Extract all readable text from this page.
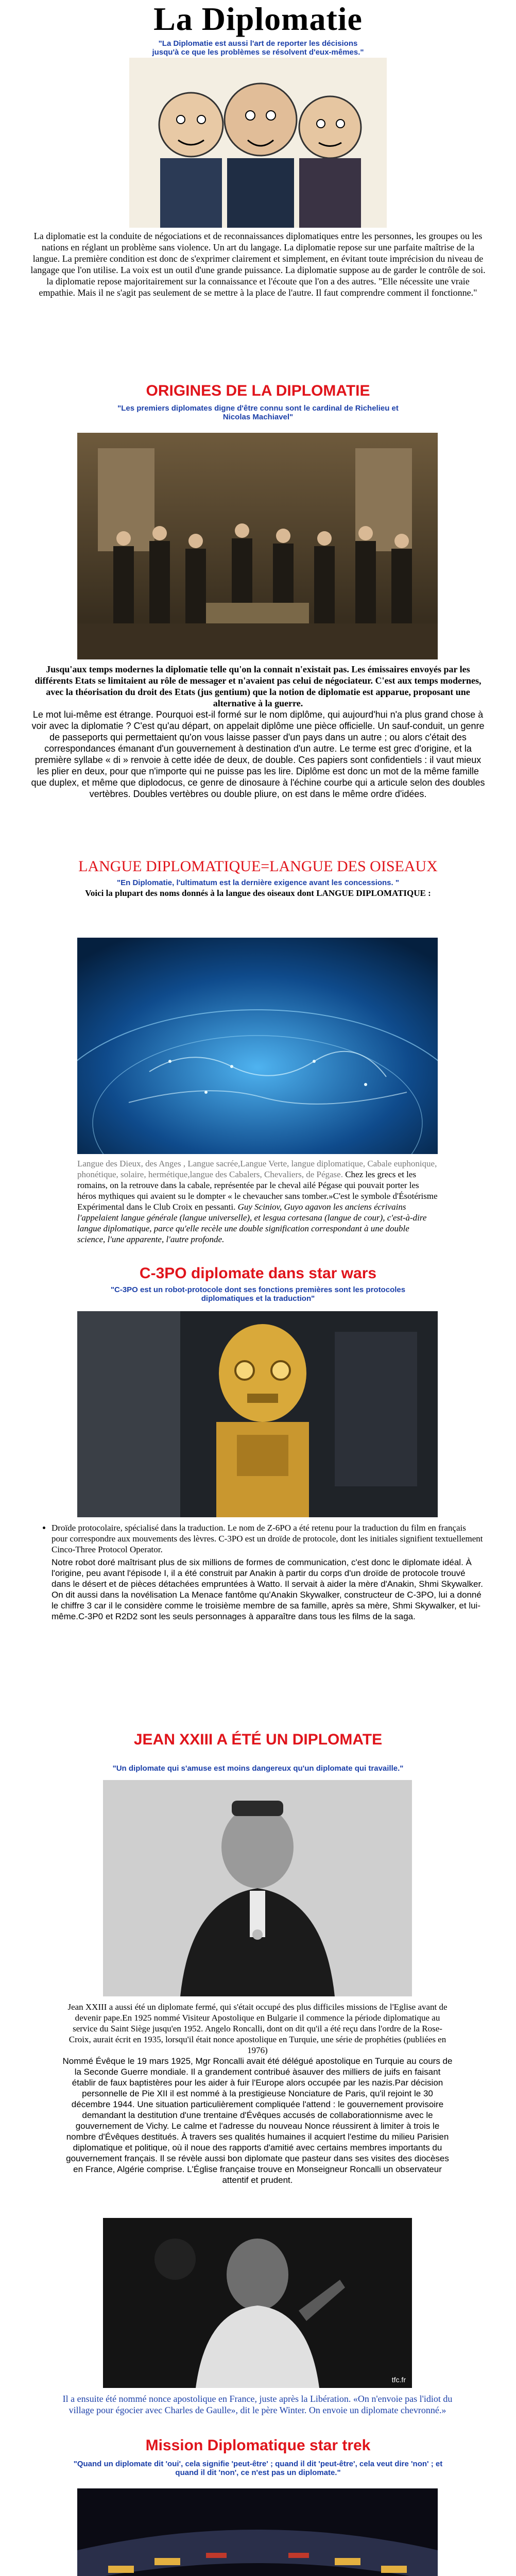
La Diplomatie
"La Diplomatie est aussi l'art de reporter les décisions jusqu'à ce que les problèmes se résolvent d'eux-mêmes."

La diplomatie est la conduite de négociations et de reconnaissances diplomatiques entre les personnes, les groupes ou les nations en réglant un problème sans violence. Un art du langage. La diplomatie repose sur une parfaite maîtrise de la langue. La première condition est donc de s'exprimer clairement et simplement, en évitant toute imprécision du niveau de langage que l'on utilise. La voix est un outil d'une grande puissance. La diplomatie suppose au de garder le contrôle de soi. la diplomatie repose majoritairement sur la connaissance et l'écoute que l'on a des autres. "Elle nécessite une vraie empathie. Mais il ne s'agit pas seulement de se mettre à la place de l'autre. Il faut comprendre comment il fonctionne."

ORIGINES DE LA DIPLOMATIE
"Les premiers diplomates digne d'être connu sont le cardinal de Richelieu et Nicolas Machiavel"

Jusqu'aux temps modernes la diplomatie telle qu'on la connait n'existait pas. Les émissaires envoyés par les différents Etats se limitaient au rôle de messager et n'avaient pas celui de négociateur. C'est aux temps modernes, avec la théorisation du droit des Etats (jus gentium) que la notion de diplomatie est apparue, proposant une alternative à la guerre.

Le mot lui-même est étrange. Pourquoi est-il formé sur le nom diplôme, qui aujourd'hui n'a plus grand chose à voir avec la diplomatie ? C'est qu'au départ, on appelait diplôme une pièce officielle. Un sauf-conduit, un genre de passeports qui permettaient qu'on vous laisse passer d'un pays dans un autre ; ou alors c'était des correspondances émanant d'un gouvernement à destination d'un autre. Le terme est grec d'origine, et la première syllabe « di » renvoie à cette idée de deux, de double. Ces papiers sont confidentiels : il vaut mieux les plier en deux, pour que n'importe qui ne puisse pas les lire. Diplôme est donc un mot de la même famille que duplex, et même que diplodocus, ce genre de dinosaure à l'échine courbe qui a articule selon des doubles vertèbres. Doubles vertèbres ou double pliure, on est dans le même ordre d'idées.

LANGUE DIPLOMATIQUE=LANGUE DES OISEAUX
"En Diplomatie, l'ultimatum est la dernière exigence avant les concessions. "
Voici la plupart des noms donnés à la langue des oiseaux dont LANGUE DIPLOMATIQUE :

Langue des Dieux, des Anges , Langue sacrée,Langue Verte, langue diplomatique, Cabale euphonique, phonétique, solaire, hermétique,langue des Cabalers, Chevaliers, de Pégase. Chez les grecs et les romains, on la retrouve dans la cabale, représentée par le cheval ailé Pégase qui pouvait porter les héros mythiques qui avaient su le dompter « le chevaucher sans tomber.»C'est le symbole d'Ésotérisme Expérimental dans le Club Croix en pessanti. Guy Sciniov, Guyo agavon les anciens écrivains l'appelaient langue générale (langue universelle), et lesgua cortesana (langue de cour), c'est-à-dire langue diplomatique, parce qu'elle recèle une double signification correspondant à une double science, l'une apparente, l'autre profonde.

C-3PO diplomate dans star wars
"C-3PO est un robot-protocole dont ses fonctions premières sont les protocoles diplomatiques et la traduction"
• Droïde protocolaire, spécialisé dans la traduction. Le nom de Z-6PO a été retenu pour la traduction du film en français pour correspondre aux mouvements des lèvres. C-3PO est un droïde de protocole, dont les initiales signifient textuellement Cinco-Three Protocol Operator.

Notre robot doré maîtrisant plus de six millions de formes de communication, c'est donc le diplomate idéal. À l'origine, peu avant l'épisode I, il a été construit par Anakin à partir du corps d'un droïde de protocole trouvé dans le désert et de pièces détachées empruntées à Watto. Il servait à aider la mère d'Anakin, Shmi Skywalker. On dit aussi dans la novélisation La Menace fantôme qu'Anakin Skywalker, constructeur de C-3PO, lui a donné le chiffre 3 car il le considère comme le troisième membre de sa famille, après sa mère, Shmi Skywalker, et lui-même.C-3P0 et R2D2 sont les seuls personnages à apparaître dans tous les films de la saga.

JEAN XXIII A ÉTÉ UN DIPLOMATE
"Un diplomate qui s'amuse est moins dangereux qu'un diplomate qui travaille."

Jean XXIII a aussi été un diplomate fermé, qui s'était occupé des plus difficiles missions de l'Eglise avant de devenir pape.En 1925 nommé Visiteur Apostolique en Bulgarie il commence la période diplomatique au service du Saint Siège jusqu'en 1952. Angelo Roncalli, dont on dit qu'il a été reçu dans l'ordre de la Rose-Croix, aurait écrit en 1935, lorsqu'il était nonce apostolique en Turquie, une série de prophéties (publiées en 1976)

Nommé Évêque le 19 mars 1925, Mgr Roncalli avait été délégué apostolique en Turquie au cours de la Seconde Guerre mondiale. Il a grandement contribué àsauver des milliers de juifs en faisant établir de faux baptistères pour les aider à fuir l'Europe alors occupée par les nazis.Par décision personnelle de Pie XII il est nommé à la prestigieuse Nonciature de Paris, qu'il rejoint le 30 décembre 1944. Une situation particulièrement compliquée l'attend : le gouvernement provisoire demandant la destitution d'une trentaine d'Évêques accusés de collaborationnisme avec le gouvernement de Vichy. Le calme et l'adresse du nouveau Nonce réussirent à limiter à trois le nombre d'Évêques destitués. À travers ses qualités humaines il acquiert l'estime du milieu Parisien diplomatique et politique, où il noue des rapports d'amitié avec certains membres importants du gouvernement français. Il se révèle aussi bon diplomate que pasteur dans ses visites des diocèses en France, Algérie comprise. L'Église française trouve en Monseigneur Roncalli un observateur attentif et prudent.

tfc.fr

Il a ensuite été nommé nonce apostolique en France, juste après la Libération. «On n'envoie pas l'idiot du village pour égocier avec Charles de Gaulle», dit le père Winter. On envoie un diplomate chevronné.»

Mission Diplomatique star trek
"Quand un diplomate dit 'oui', cela signifie 'peut-être' ; quand il dit 'peut-être', cela veut dire 'non' ; et quand il dit 'non', ce n'est pas un diplomate."
